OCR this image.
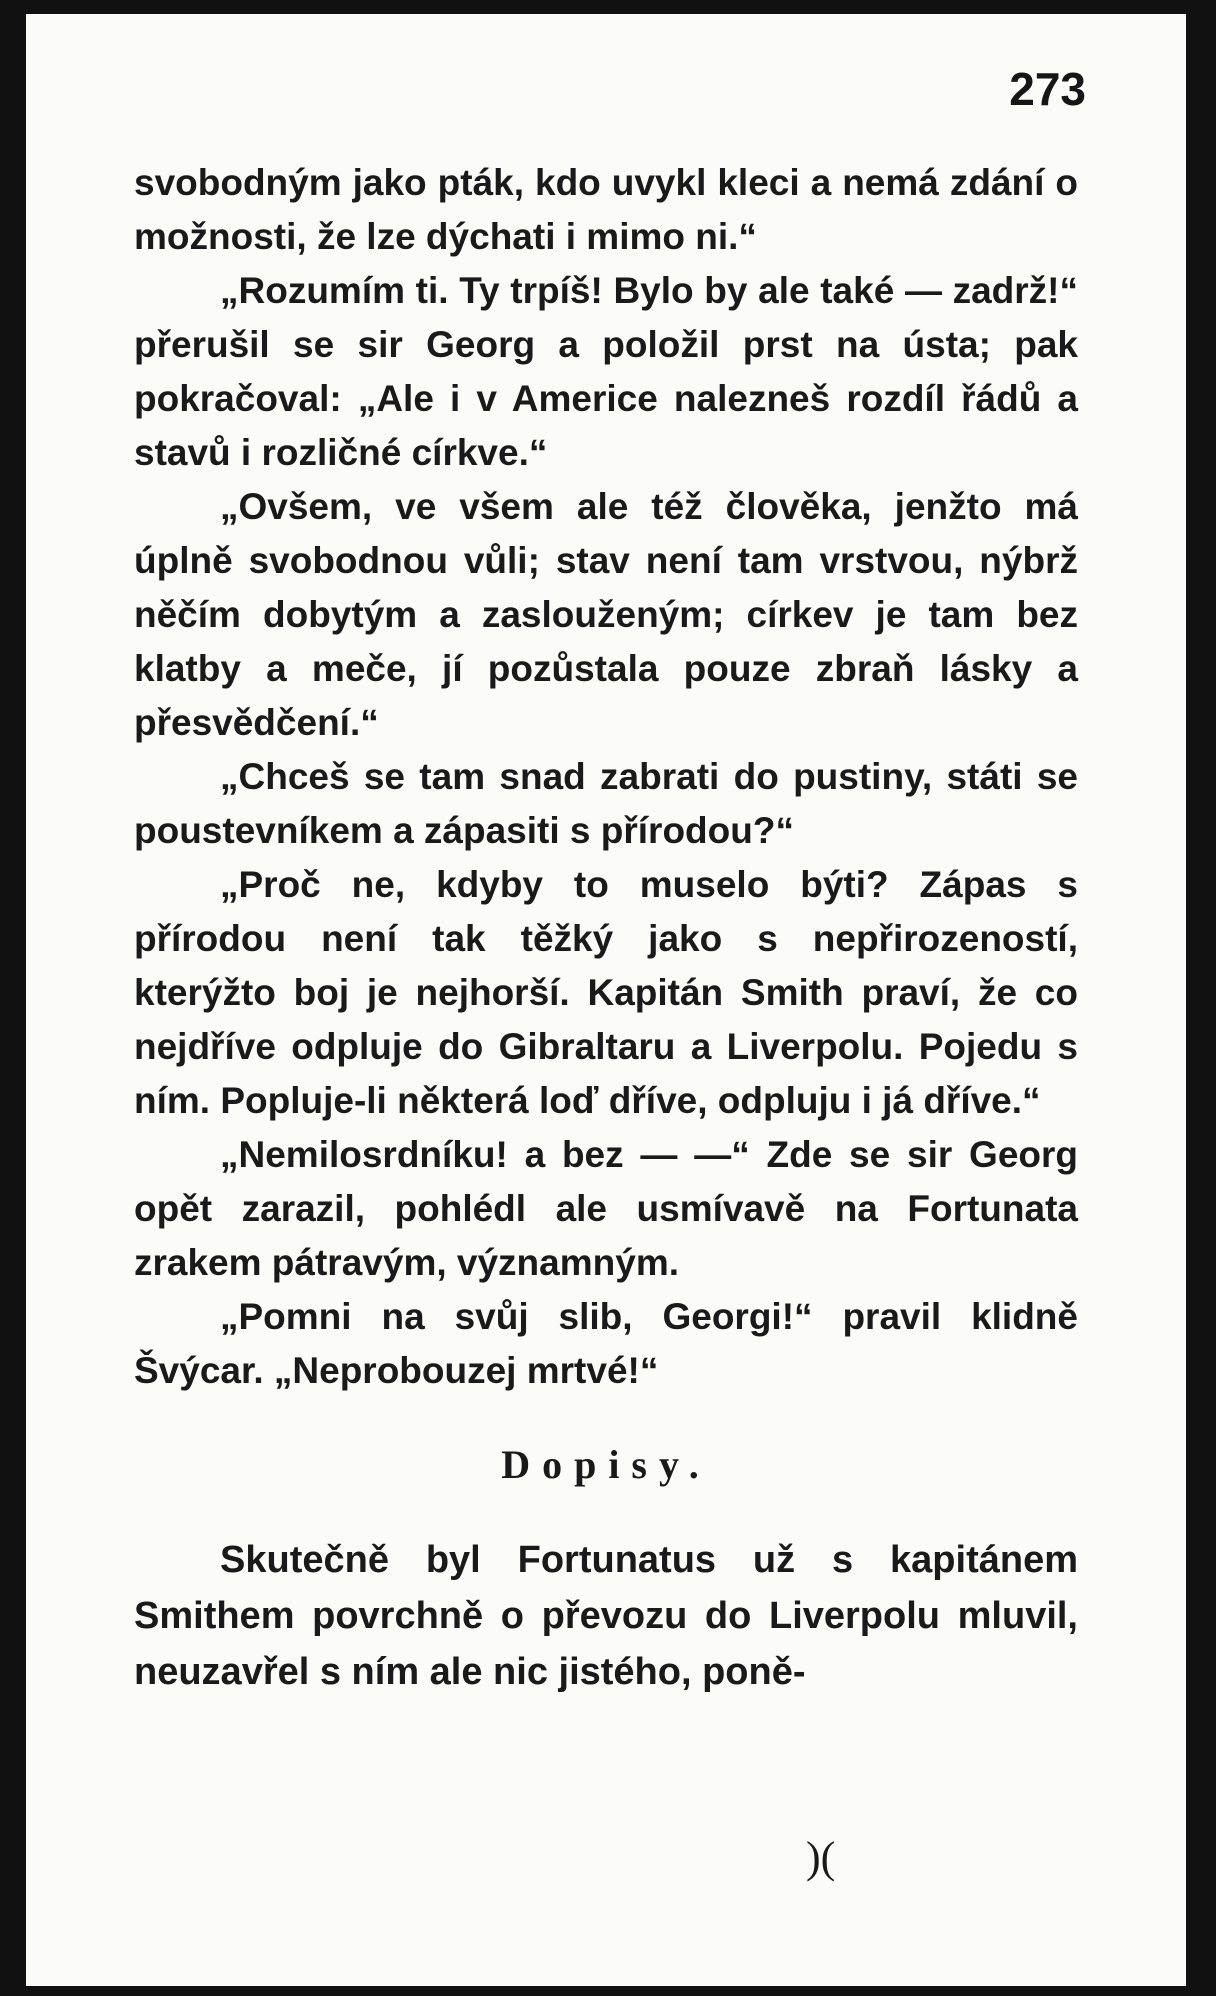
273

svobodným jako pták, kdo uvykl kleci a nemá zdání o možnosti, že lze dýchati i mimo ni.“

„Rozumím ti. Ty trpíš! Bylo by ale také — zadrž!“ přerušil se sir Georg a položil prst na ústa; pak pokračoval: „Ale i v Americe nalezneš rozdíl řádů a stavů i rozličné církve.“

„Ovšem, ve všem ale též člověka, jenžto má úplně svobodnou vůli; stav není tam vrstvou, nýbrž něčím dobytým a zaslouženým; církev je tam bez klatby a meče, jí pozůstala pouze zbraň lásky a přesvědčení.“

„Chceš se tam snad zabrati do pustiny, státi se poustevníkem a zápasiti s přírodou?“

„Proč ne, kdyby to muselo býti? Zápas s přírodou není tak těžký jako s nepřirozeností, kterýžto boj je nejhorší. Kapitán Smith praví, že co nejdříve odpluje do Gibraltaru a Liverpolu. Pojedu s ním. Popluje-li některá loď dříve, odpluju i já dříve.“

„Nemilosrdníku! a bez — —“ Zde se sir Georg opět zarazil, pohlédl ale usmívavě na Fortunata zrakem pátravým, významným.

„Pomni na svůj slib, Georgi!“ pravil klidně Švýcar. „Neprobouzej mrtvé!“

Dopisy.

Skutečně byl Fortunatus už s kapitánem Smithem povrchně o převozu do Liverpolu mluvil, neuzavřel s ním ale nic jistého, poně-

)(
